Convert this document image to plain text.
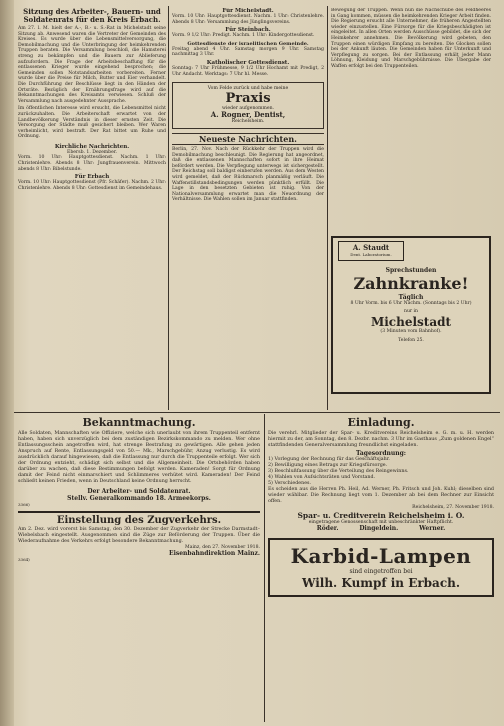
Sitzung des Arbeiter-, Bauern- und Soldatenrats für den Kreis Erbach.
Am 27. l. M. hielt der A.-, B.- u. S.-Rat in Michelstadt seine Sitzung ab. Anwesend waren die Vertreter der Gemeinden des Kreises. Es wurde über die Lebensmittelversorgung, die Demobilmachung und die Unterbringung der heimkehrenden Truppen beraten. Die Versammlung beschloß, die Hamsterei streng zu bekämpfen und die Bauern zur Ablieferung aufzufordern. Die Frage der Arbeitsbeschaffung für die entlassenen Krieger wurde eingehend besprochen; die Gemeinden sollen Notstandsarbeiten vorbereiten. Ferner wurde über die Preise für Milch, Butter und Eier verhandelt. Die Durchführung der Beschlüsse liegt in den Händen der Ortsräte. Bezüglich der Ernährungsfrage wird auf die Bekanntmachungen des Kreisamts verwiesen. Schluß der Versammlung nach ausgedehnter Aussprache.
Im öffentlichen Interesse wird ersucht, die Lebensmittel nicht zurückzuhalten. Die Arbeiterschaft erwartet von der Landbevölkerung Verständnis in dieser ernsten Zeit. Die Versorgung der Städte muß gesichert bleiben. Wer Waren verheimlicht, wird bestraft. Der Rat bittet um Ruhe und Ordnung.
Kirchliche Nachrichten.
Ebersb. 1. Dezember.
Vorm. 10 Uhr: Hauptgottesdienst. Nachm. 1 Uhr: Christenlehre. Abends 8 Uhr: Jungfrauenverein. Mittwoch abends 8 Uhr: Bibelstunde.
Für Erbach
Vorm. 10 Uhr: Hauptgottesdienst (Pfr. Schäfer). Nachm. 2 Uhr: Christenlehre. Abends 8 Uhr: Gottesdienst im Gemeindehaus.
Für Michelstadt.
Vorm. 10 Uhr: Hauptgottesdienst. Nachm. 1 Uhr: Christenlehre. Abends 8 Uhr: Versammlung des Jünglingsvereins.
Für Steinbach.
Vorm. 9 1/2 Uhr: Predigt. Nachm. 1 Uhr: Kindergottesdienst.
Gottesdienste der israelitischen Gemeinde.
Freitag abend 4 Uhr. Samstag morgen 9 Uhr. Samstag nachmittag 3 Uhr.
Katholischer Gottesdienst.
Sonntag: 7 Uhr Frühmesse, 9 1/2 Uhr Hochamt mit Predigt, 2 Uhr Andacht. Werktags: 7 Uhr hl. Messe.
Vom Felde zurück und habe meine
Praxis
wieder aufgenommen.
A. Rogner, Dentist,
Reichelsheim.
Neueste Nachrichten.
Berlin, 27. Nov. Nach der Rückkehr der Truppen wird die Demobilmachung beschleunigt. Die Regierung hat angeordnet, daß die entlassenen Mannschaften sofort in ihre Heimat befördert werden. Die Verpflegung unterwegs ist sichergestellt. Der Reichstag soll baldigst einberufen werden. Aus dem Westen wird gemeldet, daß der Rückmarsch planmäßig verläuft. Die Waffenstillstandsbedingungen werden pünktlich erfüllt. Die Lage in den besetzten Gebieten ist ruhig. Von der Nationalversammlung erwartet man die Neuordnung der Verhältnisse. Die Wahlen sollen im Januar stattfinden.
Bewegung der Truppen. Wenn nun die Nachschübe des Feldheeres in Gang kommen, müssen die heimkehrenden Krieger Arbeit finden. Die Regierung ersucht alle Unternehmer, die früheren Angestellten wieder einzustellen. Eine Fürsorge für die Kriegsbeschädigten ist eingeleitet. In allen Orten werden Ausschüsse gebildet, die sich der Heimkehrer annehmen. Die Bevölkerung wird gebeten, den Truppen einen würdigen Empfang zu bereiten. Die Glocken sollen bei der Ankunft läuten. Die Gemeinden haben für Unterkunft und Verpflegung zu sorgen. Bei der Entlassung erhält jeder Mann Löhnung, Kleidung und Marschgebührnisse. Die Übergabe der Waffen erfolgt bei den Truppenteilen.
A. Staudt
Dent. Laboratorium.
Sprechstunden
Zahnkranke!
Täglich
8 Uhr Vorm. bis 6 Uhr Nachm. (Sonntags bis 2 Uhr)
nur in
Michelstadt
(3 Minuten vom Bahnhof).
Telefon 25.
Bekanntmachung.
Alle Soldaten, Mannschaften wie Offiziere, welche sich unerlaubt von ihrem Truppenteil entfernt haben, haben sich unverzüglich bei dem zuständigen Bezirkskommando zu melden. Wer ohne Entlassungsschein angetroffen wird, hat strenge Bestrafung zu gewärtigen. Alle gehen jeden Anspruch auf Rente, Entlassungsgeld von 50.— Mk., Marschgebühr, Anzug verlustig. Es wird ausdrücklich darauf hingewiesen, daß die Entlassung nur durch die Truppenteile erfolgt. Wer sich der Ordnung entzieht, schädigt sich selbst und die Allgemeinheit. Die Ortsbehörden haben darüber zu wachen, daß diese Bestimmungen befolgt werden. Kameraden! Sorgt für Ordnung damit der Feind nicht einmarschiert und Schlimmeres verhütet wird. Kameraden! Der Feind schließt keinen Frieden, wenn in Deutschland keine Ordnung herrscht.
Der Arbeiter- und Soldatenrat.
Stellv. Generalkommando 18. Armeekorps.
3366)
Einstellung des Zugverkehrs.
Am 2. Dez. wird vorerst bis Samstag, den 30. Dezember der Zugverkehr der Strecke Darmstadt–Wiebelsbach eingestellt. Ausgenommen sind die Züge zur Beförderung der Truppen. Über die Wiederaufnahme des Verkehrs erfolgt besondere Bekanntmachung.
Mainz, den 27. November 1918.
Eisenbahndirektion Mainz.
3364)
Einladung.
Die verehrl. Mitglieder der Spar- u. Kreditvereins Reichelsheim e. G. m. u. H. werden hiermit zu der, am Sonntag, den 8. Dezbr. nachm. 3 Uhr im Gasthaus „Zum goldenen Engel“ stattfindenden Generalversammlung freundlichst eingeladen.
Tagesordnung:
1) Vorlegung der Rechnung für das Geschäftsjahr.
2) Bewilligung eines Betrags zur Kriegsfürsorge.
3) Beschlußfassung über die Verteilung des Reingewinns.
4) Wahlen von Aufsichtsräten und Vorstand.
5) Verschiedenes.
Es scheiden aus die Herren Ph. Heil, Ad. Werner, Ph. Fritsch und Joh. Kuhl; dieselben sind wieder wählbar. Die Rechnung liegt vom 1. Dezember ab bei dem Rechner zur Einsicht offen.
Reichelsheim, 27. November 1918.
Spar- u. Creditverein Reichelsheim i. O.
eingetragene Genossenschaft mit unbeschränkter Haftpflicht.
Röder.          Dingeldein.          Werner.
Karbid-Lampen
sind eingetroffen bei
Wilh. Kumpf in Erbach.
